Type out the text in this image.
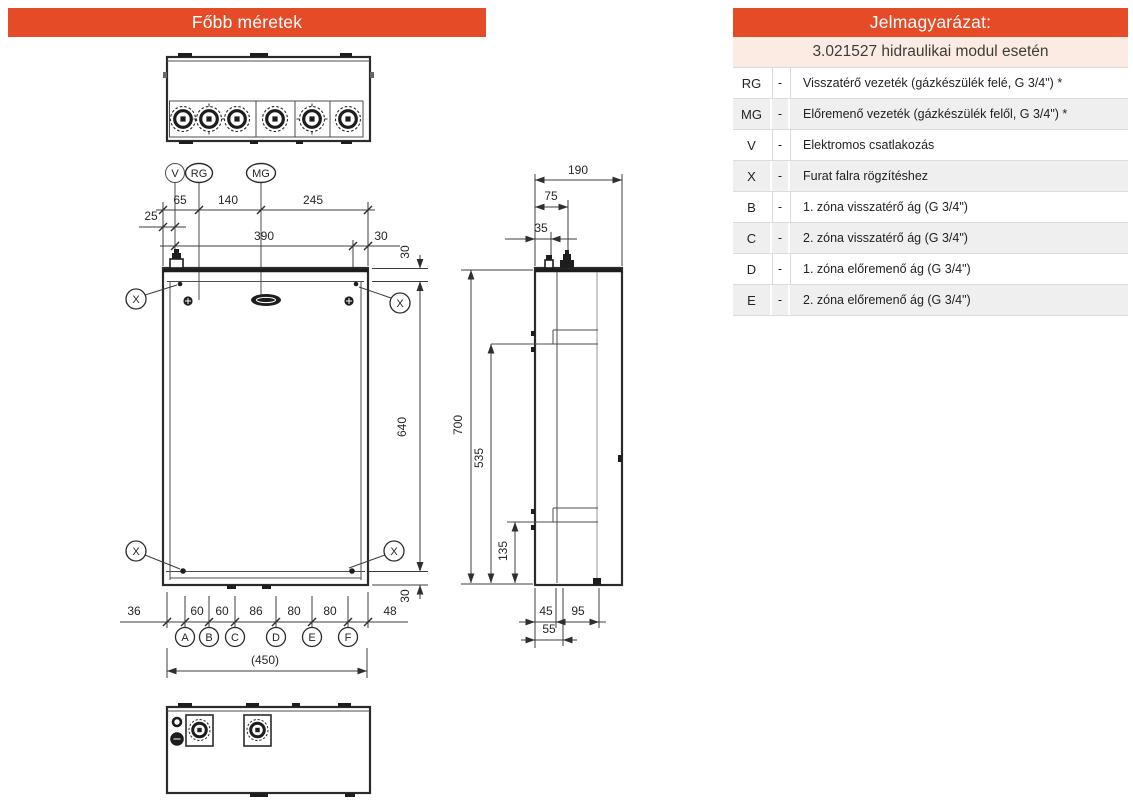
Főbb méretek	Jelmagyarázat:
3.021527 hidraulikai modul esetén
RG	-	Visszatérő vezeték (gázkészülék felé, G 3/4") *
MG	-	Előremenő vezeték (gázkészülék felől, G 3/4") *
V	-	Elektromos csatlakozás
X	-	Furat falra rögzítéshez
B	-	1. zóna visszatérő ág (G 3/4")
C	-	2. zóna visszatérő ág (G 3/4")
D	-	1. zóna előremenő ág (G 3/4")
E	-	2. zóna előremenő ág (G 3/4")
V RG	MG
65	140	245
25
390	30
X	X
X	X
30
640
30
36	60 60 86 80 80	48
A B C	D	E	F
(450)
190
75
35
700
535
135
45 95
55
